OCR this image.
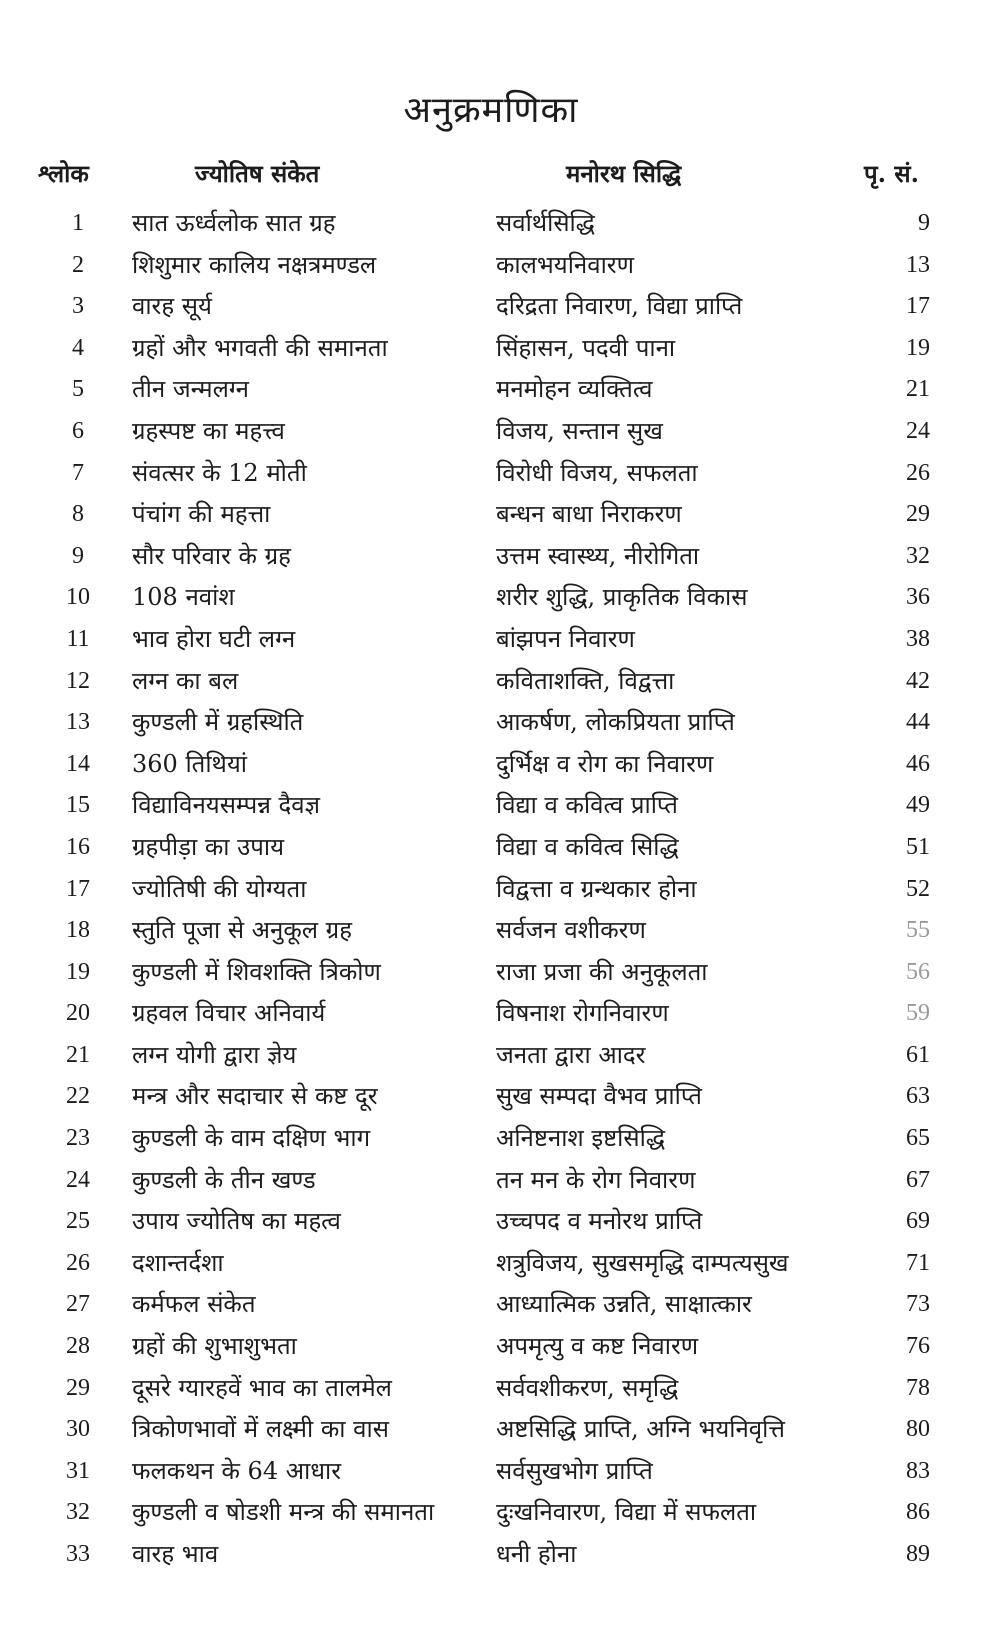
अनुक्रमणिका
श्लोक	ज्योतिष संकेत	मनोरथ सिद्धि	पृ. सं.
1	सात ऊर्ध्वलोक सात ग्रह	सर्वार्थसिद्धि	9
2	शिशुमार कालिय नक्षत्रमण्डल	कालभयनिवारण	13
3	वारह सूर्य	दरिद्रता निवारण, विद्या प्राप्ति	17
4	ग्रहों और भगवती की समानता	सिंहासन, पदवी पाना	19
5	तीन जन्मलग्न	मनमोहन व्यक्तित्व	21
6	ग्रहस्पष्ट का महत्त्व	विजय, सन्तान सुख	24
7	संवत्सर के 12 मोती	विरोधी विजय, सफलता	26
8	पंचांग की महत्ता	बन्धन बाधा निराकरण	29
9	सौर परिवार के ग्रह	उत्तम स्वास्थ्य, नीरोगिता	32
10	108 नवांश	शरीर शुद्धि, प्राकृतिक विकास	36
11	भाव होरा घटी लग्न	बांझपन निवारण	38
12	लग्न का बल	कविताशक्ति, विद्वत्ता	42
13	कुण्डली में ग्रहस्थिति	आकर्षण, लोकप्रियता प्राप्ति	44
14	360 तिथियां	दुर्भिक्ष व रोग का निवारण	46
15	विद्याविनयसम्पन्न दैवज्ञ	विद्या व कवित्व प्राप्ति	49
16	ग्रहपीड़ा का उपाय	विद्या व कवित्व सिद्धि	51
17	ज्योतिषी की योग्यता	विद्वत्ता व ग्रन्थकार होना	52
18	स्तुति पूजा से अनुकूल ग्रह	सर्वजन वशीकरण	55
19	कुण्डली में शिवशक्ति त्रिकोण	राजा प्रजा की अनुकूलता	56
20	ग्रहवल विचार अनिवार्य	विषनाश रोगनिवारण	59
21	लग्न योगी द्वारा ज्ञेय	जनता द्वारा आदर	61
22	मन्त्र और सदाचार से कष्ट दूर	सुख सम्पदा वैभव प्राप्ति	63
23	कुण्डली के वाम दक्षिण भाग	अनिष्टनाश इष्टसिद्धि	65
24	कुण्डली के तीन खण्ड	तन मन के रोग निवारण	67
25	उपाय ज्योतिष का महत्व	उच्चपद व मनोरथ प्राप्ति	69
26	दशान्तर्दशा	शत्रुविजय, सुखसमृद्धि दाम्पत्यसुख	71
27	कर्मफल संकेत	आध्यात्मिक उन्नति, साक्षात्कार	73
28	ग्रहों की शुभाशुभता	अपमृत्यु व कष्ट निवारण	76
29	दूसरे ग्यारहवें भाव का तालमेल	सर्ववशीकरण, समृद्धि	78
30	त्रिकोणभावों में लक्ष्मी का वास	अष्टसिद्धि प्राप्ति, अग्नि भयनिवृत्ति	80
31	फलकथन के 64 आधार	सर्वसुखभोग प्राप्ति	83
32	कुण्डली व षोडशी मन्त्र की समानता	दुःखनिवारण, विद्या में सफलता	86
33	वारह भाव	धनी होना	89
